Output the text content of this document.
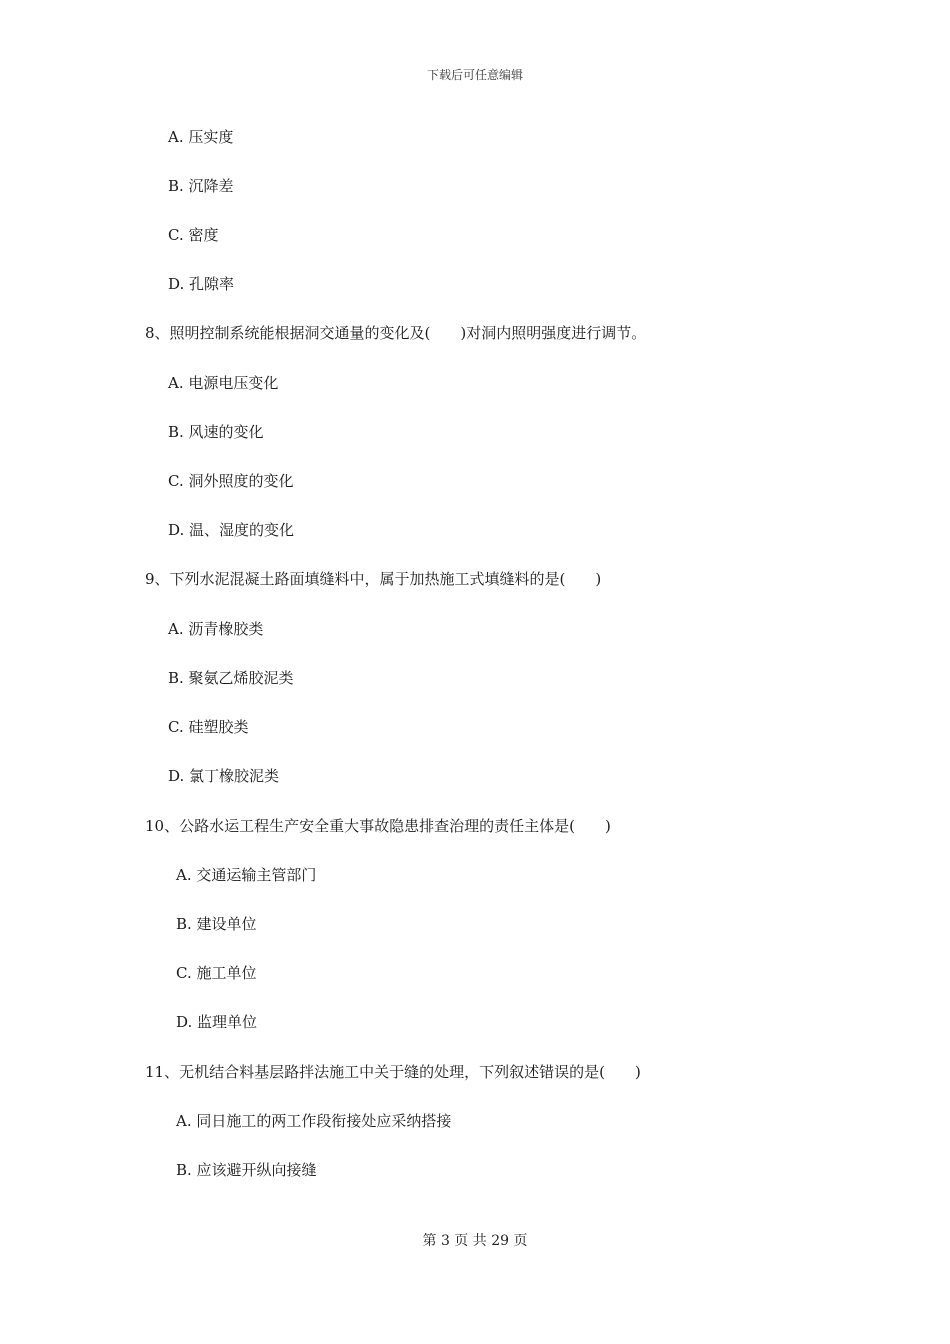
下载后可任意编辑
A. 压实度
B. 沉降差
C. 密度
D. 孔隙率
8、照明控制系统能根据洞交通量的变化及(　　)对洞内照明强度进行调节。
A. 电源电压变化
B. 风速的变化
C. 洞外照度的变化
D. 温、湿度的变化
9、下列水泥混凝土路面填缝料中，属于加热施工式填缝料的是(　　)
A. 沥青橡胶类
B. 聚氨乙烯胶泥类
C. 硅塑胶类
D. 氯丁橡胶泥类
10、公路水运工程生产安全重大事故隐患排查治理的责任主体是(　　)
A. 交通运输主管部门
B. 建设单位
C. 施工单位
D. 监理单位
11、无机结合料基层路拌法施工中关于缝的处理，下列叙述错误的是(　　)
A. 同日施工的两工作段衔接处应采纳搭接
B. 应该避开纵向接缝
第 3 页 共 29 页
